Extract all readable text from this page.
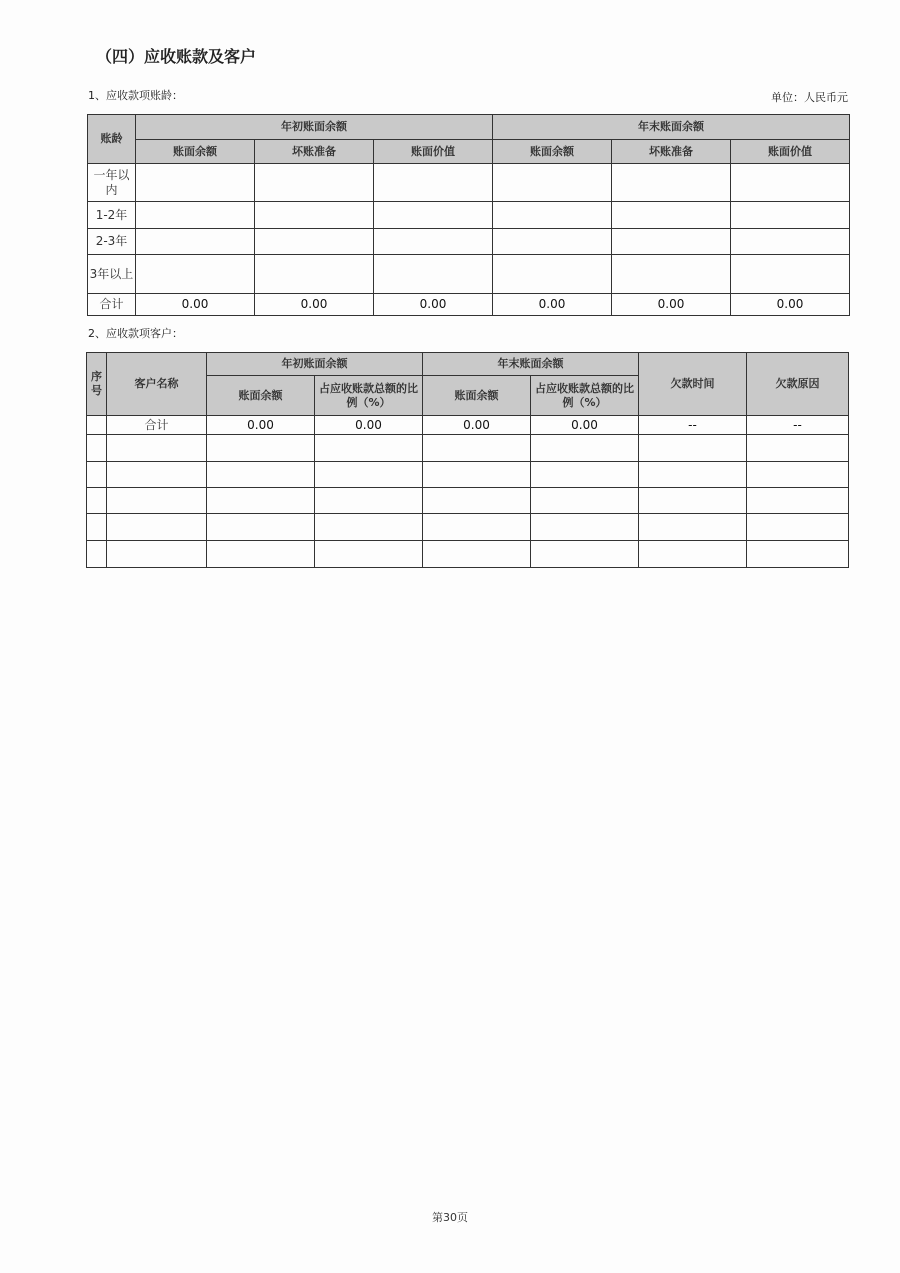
（四）应收账款及客户
1、应收款项账龄：	单位：人民币元
账龄	年初账面余额			年末账面余额		
	账面余额	坏账准备	账面价值	账面余额	坏账准备	账面价值
一年以内						
1-2年						
2-3年						
3年以上						
合计	0.00	0.00	0.00	0.00	0.00	0.00
2、应收款项客户：
序号	客户名称	年初账面余额		年末账面余额		欠款时间	欠款原因
		账面余额	占应收账款总额的比例（%）	账面余额	占应收账款总额的比例（%）		
	合计	0.00	0.00	0.00	0.00	--	--

第30页
